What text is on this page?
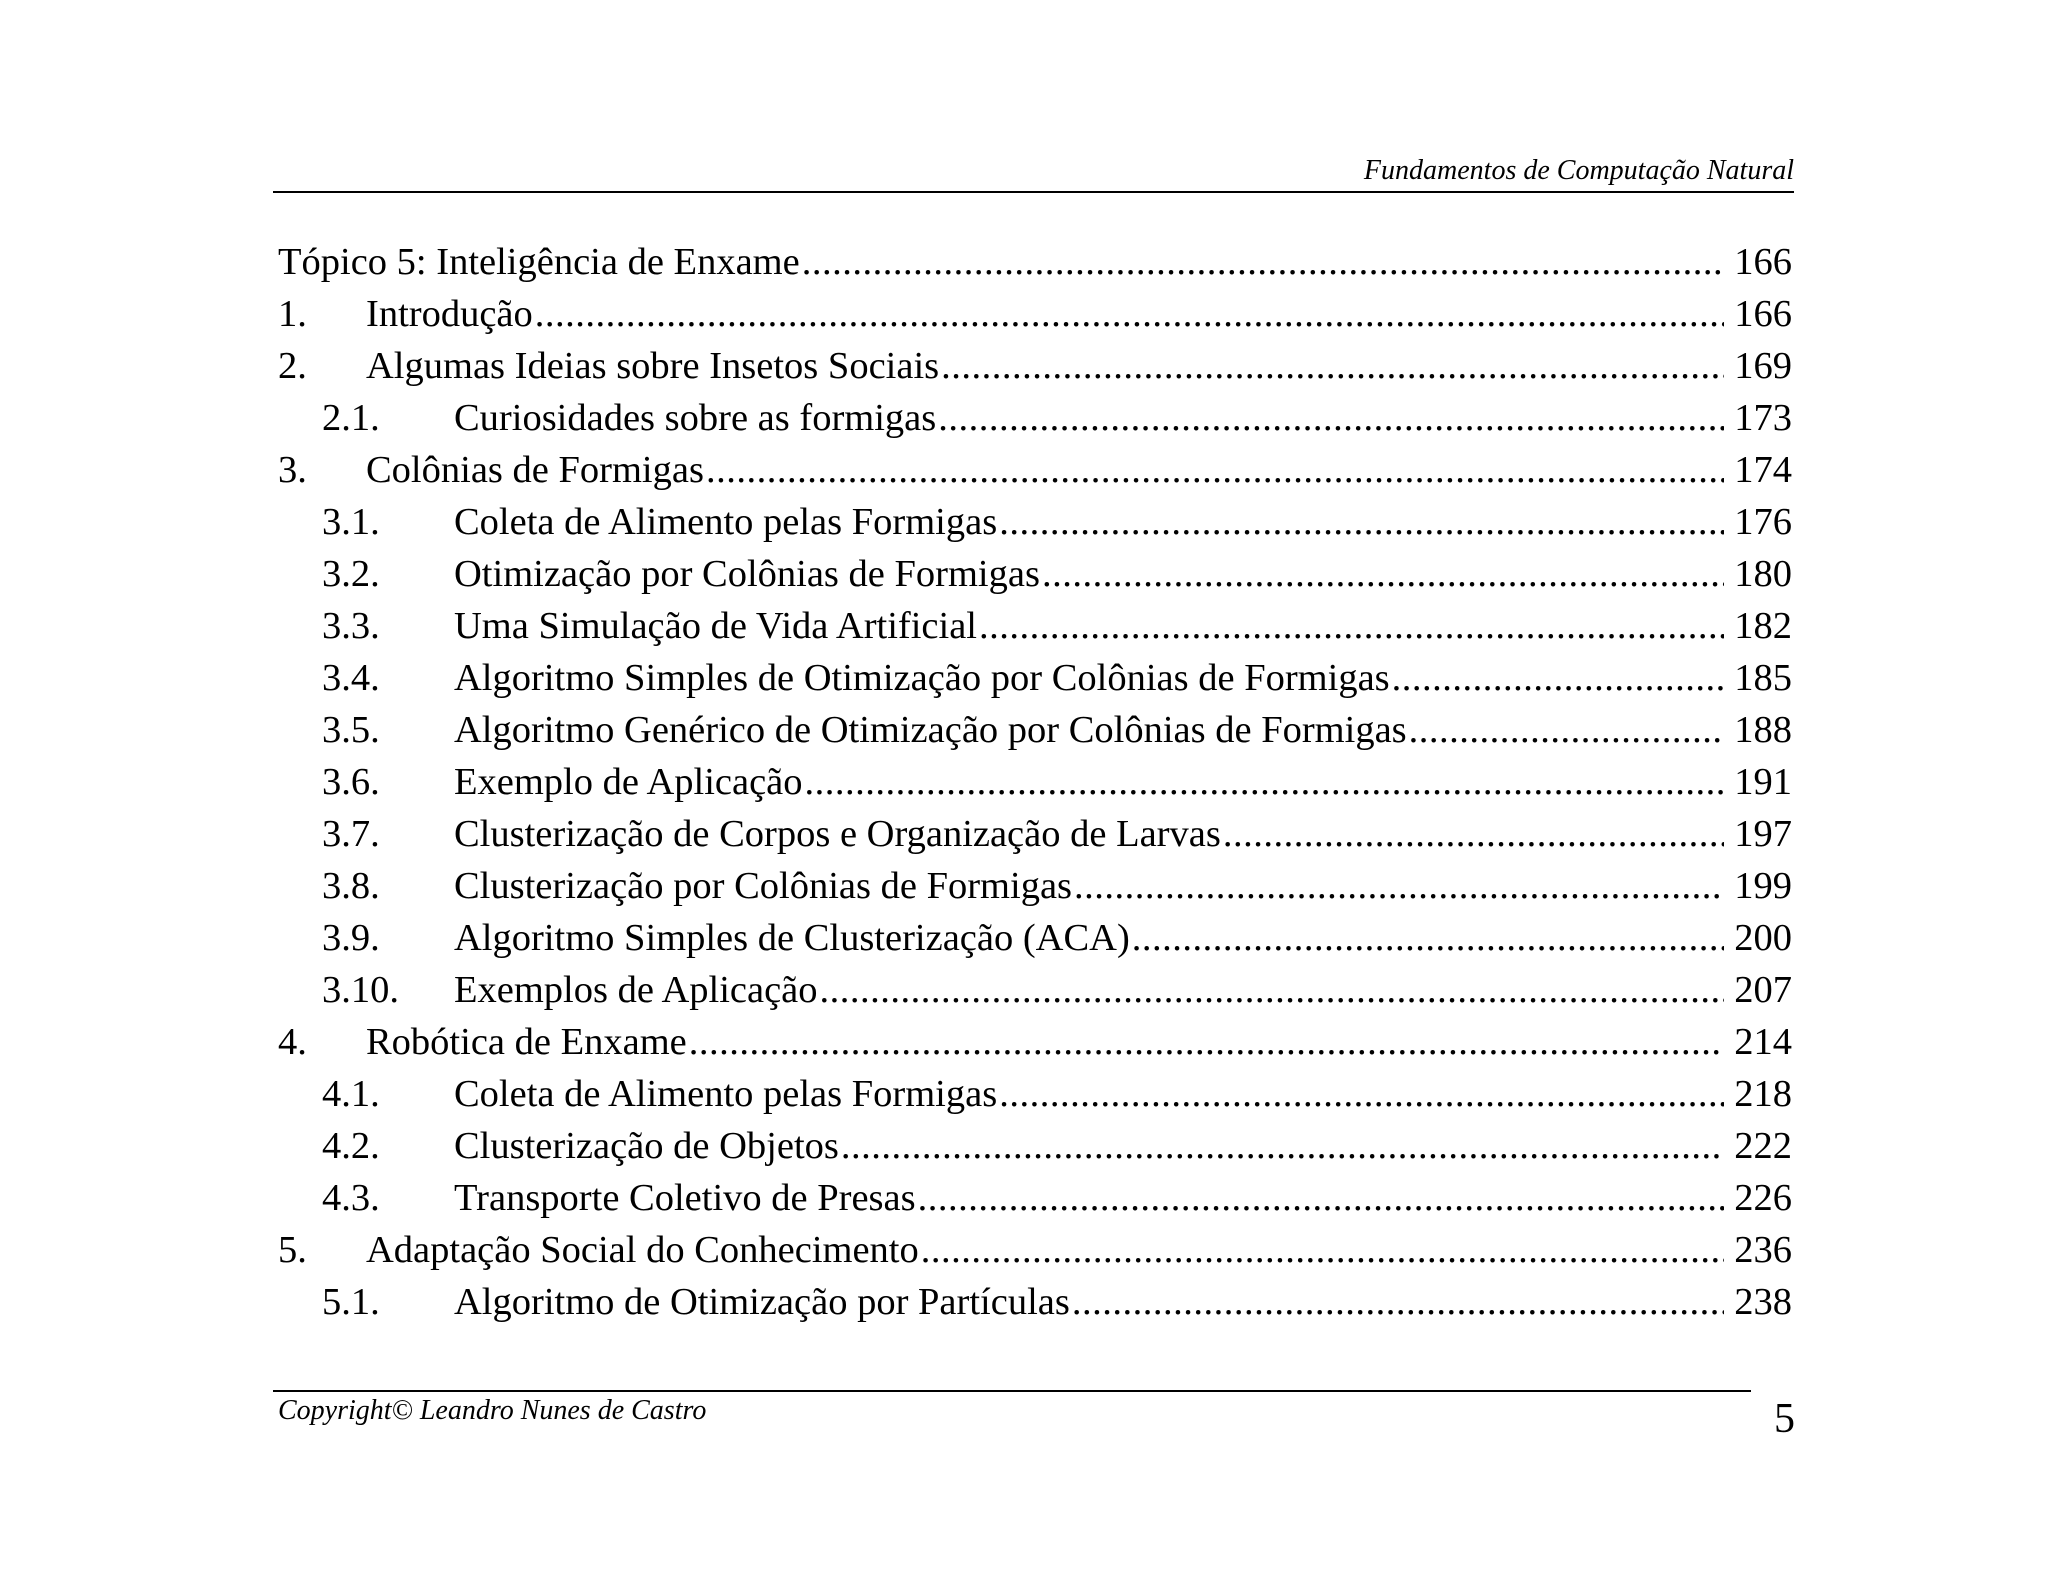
Fundamentos de Computação Natural
Tópico 5: Inteligência de Enxame .....	166
1.	Introdução .....	166
2.	Algumas Ideias sobre Insetos Sociais .....	169
2.1.	Curiosidades sobre as formigas .....	173
3.	Colônias de Formigas .....	174
3.1.	Coleta de Alimento pelas Formigas .....	176
3.2.	Otimização por Colônias de Formigas .....	180
3.3.	Uma Simulação de Vida Artificial .....	182
3.4.	Algoritmo Simples de Otimização por Colônias de Formigas .....	185
3.5.	Algoritmo Genérico de Otimização por Colônias de Formigas .....	188
3.6.	Exemplo de Aplicação .....	191
3.7.	Clusterização de Corpos e Organização de Larvas .....	197
3.8.	Clusterização por Colônias de Formigas .....	199
3.9.	Algoritmo Simples de Clusterização (ACA) .....	200
3.10.	Exemplos de Aplicação .....	207
4.	Robótica de Enxame .....	214
4.1.	Coleta de Alimento pelas Formigas .....	218
4.2.	Clusterização de Objetos .....	222
4.3.	Transporte Coletivo de Presas .....	226
5.	Adaptação Social do Conhecimento .....	236
5.1.	Algoritmo de Otimização por Partículas .....	238
Copyright© Leandro Nunes de Castro	5
